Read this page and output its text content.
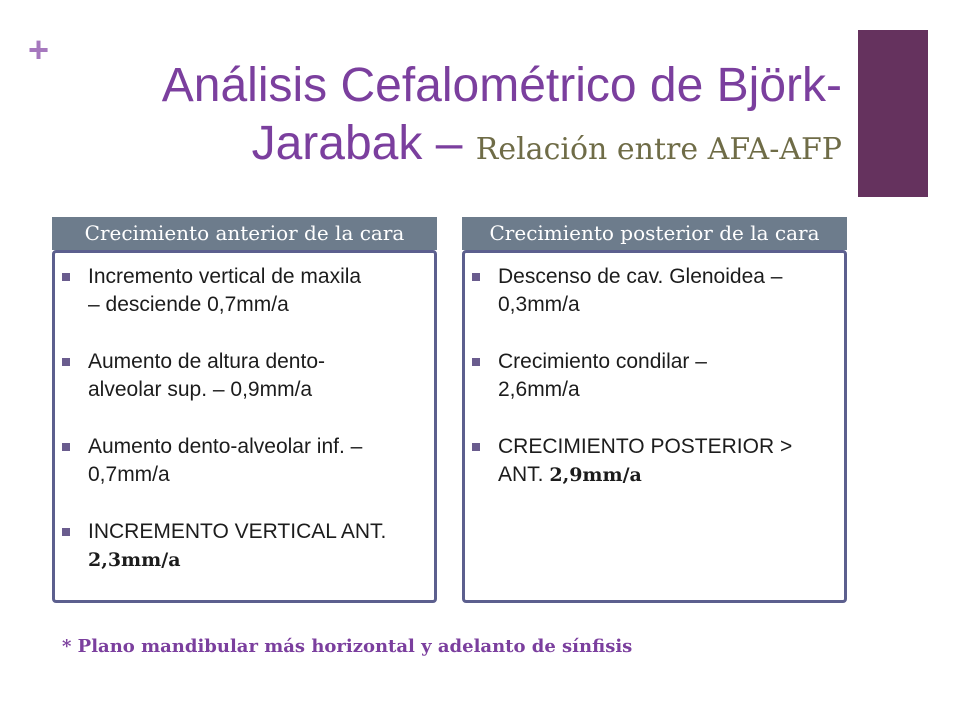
+
Análisis Cefalométrico de Björk-
Jarabak – Relación entre AFA-AFP
Crecimiento anterior de la cara
Incremento vertical de maxila
– desciende 0,7mm/a
Aumento de altura dento-
alveolar sup. – 0,9mm/a
Aumento dento-alveolar inf. –
0,7mm/a
INCREMENTO VERTICAL ANT.
2,3mm/a
Crecimiento posterior de la cara
Descenso de cav. Glenoidea –
0,3mm/a
Crecimiento condilar –
2,6mm/a
CRECIMIENTO POSTERIOR >
ANT. 2,9mm/a
* Plano mandibular más horizontal y adelanto de sínfisis
